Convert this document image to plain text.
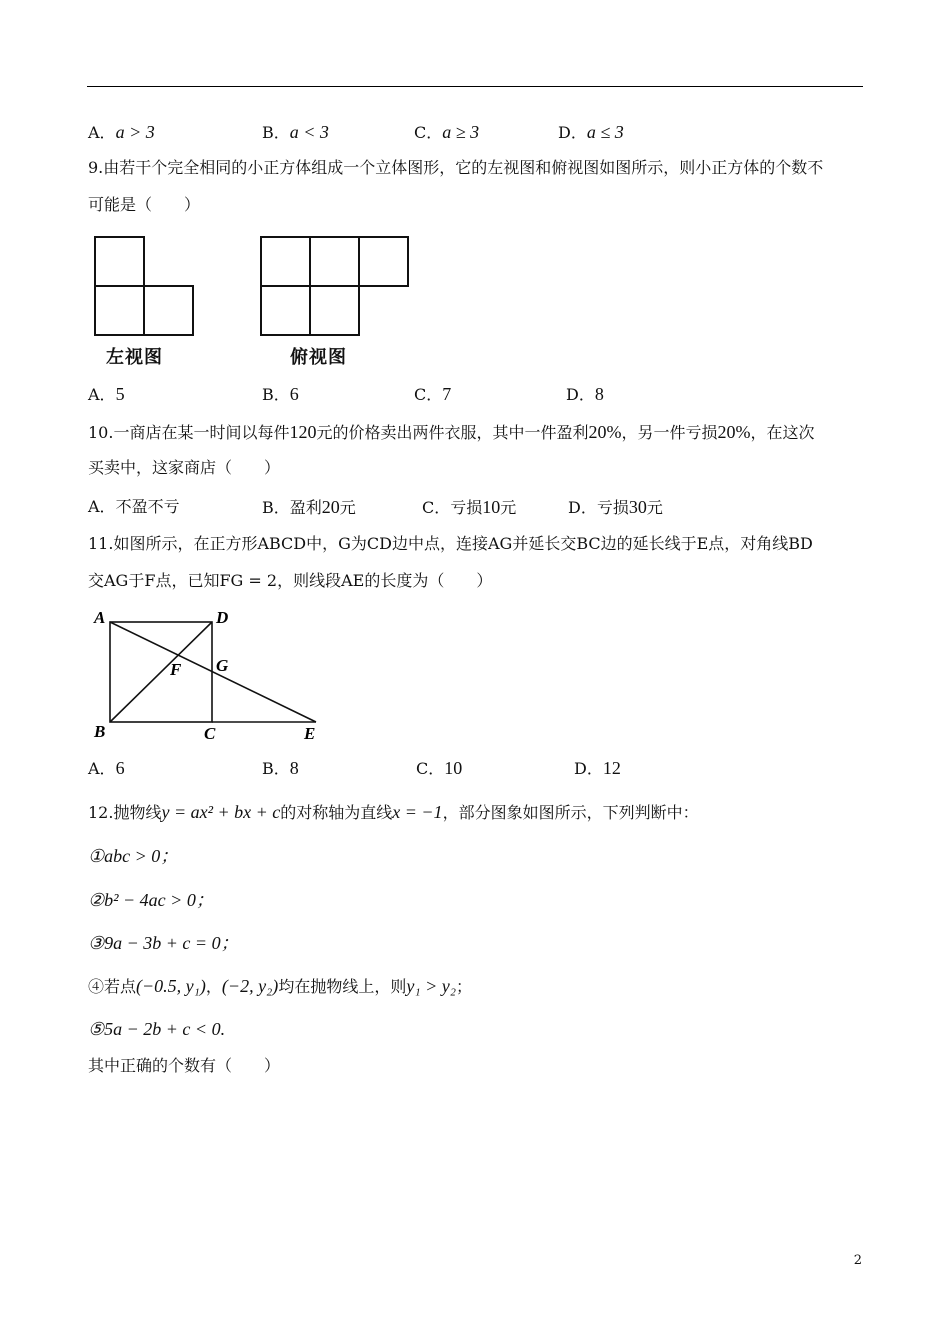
A．a > 3	B．a < 3	C．a ≥ 3	D．a ≤ 3
9.由若干个完全相同的小正方体组成一个立体图形，它的左视图和俯视图如图所示，则小正方体的个数不
可能是（　　）
左视图	俯视图
A．5	B．6	C．7	D．8
10.一商店在某一时间以每件120元的价格卖出两件衣服，其中一件盈利20%，另一件亏损20%，在这次
买卖中，这家商店（　　）
A．不盈不亏	B．盈利20元	C．亏损10元	D．亏损30元
11.如图所示，在正方形ABCD中，G为CD边中点，连接AG并延长交BC边的延长线于E点，对角线BD
交AG于F点，已知FG = 2，则线段AE的长度为（　　）
A	D
F G
B	C	E
A．6	B．8	C．10	D．12
12.抛物线y = ax² + bx + c的对称轴为直线x = −1，部分图象如图所示，下列判断中：
①abc > 0；
②b² − 4ac > 0；
③9a − 3b + c = 0；
④若点(−0.5, y₁)，(−2, y₂)均在抛物线上，则y₁ > y₂；
⑤5a − 2b + c < 0.
其中正确的个数有（　　）
2
